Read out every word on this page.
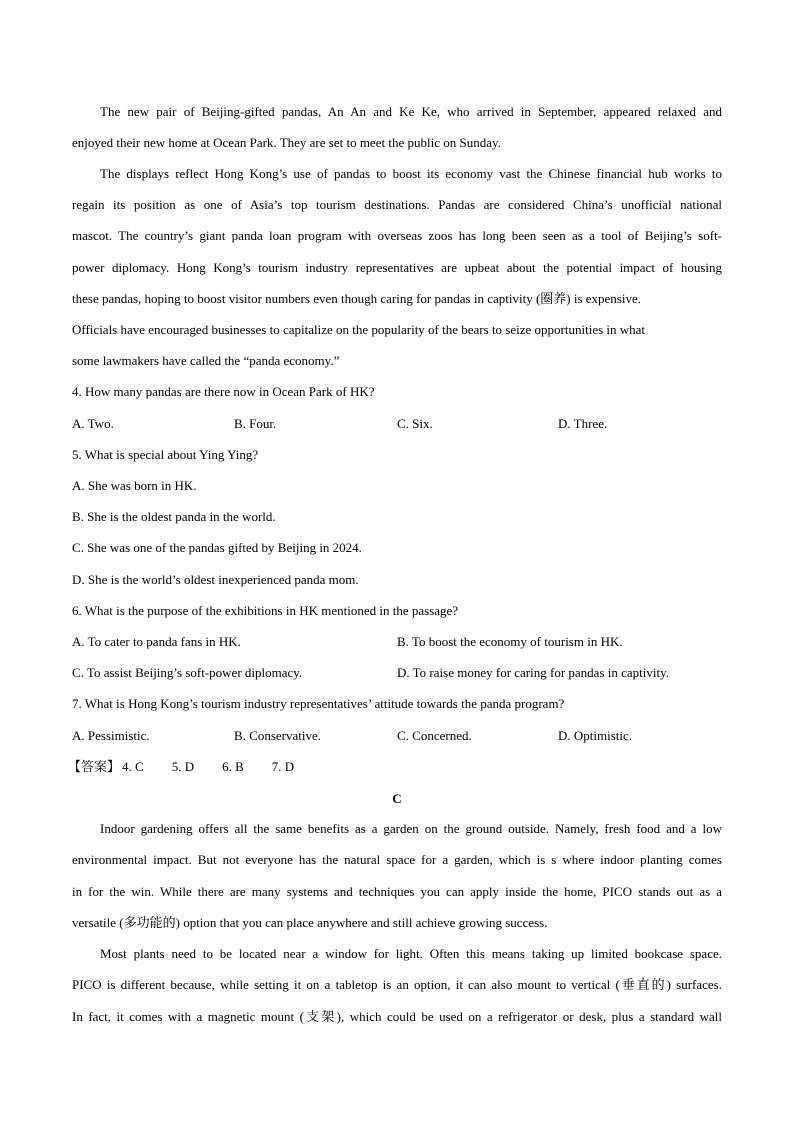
The new pair of Beijing-gifted pandas, An An and Ke Ke, who arrived in September, appeared relaxed and
enjoyed their new home at Ocean Park. They are set to meet the public on Sunday.
The displays reflect Hong Kong’s use of pandas to boost its economy vast the Chinese financial hub works to
regain its position as one of Asia’s top tourism destinations. Pandas are considered China’s unofficial national
mascot. The country’s giant panda loan program with overseas zoos has long been seen as a tool of Beijing’s soft-
power diplomacy. Hong Kong’s tourism industry representatives are upbeat about the potential impact of housing
these pandas, hoping to boost visitor numbers even though caring for pandas in captivity (圈养) is expensive.
Officials have encouraged businesses to capitalize on the popularity of the bears to seize opportunities in what
some lawmakers have called the “panda economy.”
4. How many pandas are there now in Ocean Park of HK?
A. Two.	B. Four.	C. Six.	D. Three.
5. What is special about Ying Ying?
A. She was born in HK.
B. She is the oldest panda in the world.
C. She was one of the pandas gifted by Beijing in 2024.
D. She is the world’s oldest inexperienced panda mom.
6. What is the purpose of the exhibitions in HK mentioned in the passage?
A. To cater to panda fans in HK.	B. To boost the economy of tourism in HK.
C. To assist Beijing’s soft-power diplomacy.	D. To raise money for caring for pandas in captivity.
7. What is Hong Kong’s tourism industry representatives’ attitude towards the panda program?
A. Pessimistic.	B. Conservative.	C. Concerned.	D. Optimistic.
【答案】 4. C 5. D 6. B 7. D
C
Indoor gardening offers all the same benefits as a garden on the ground outside. Namely, fresh food and a low
environmental impact. But not everyone has the natural space for a garden, which is s where indoor planting comes
in for the win. While there are many systems and techniques you can apply inside the home, PICO stands out as a
versatile (多功能的) option that you can place anywhere and still achieve growing success.
Most plants need to be located near a window for light. Often this means taking up limited bookcase space.
PICO is different because, while setting it on a tabletop is an option, it can also mount to vertical (垂直的) surfaces.
In fact, it comes with a magnetic mount (支架), which could be used on a refrigerator or desk, plus a standard wall
